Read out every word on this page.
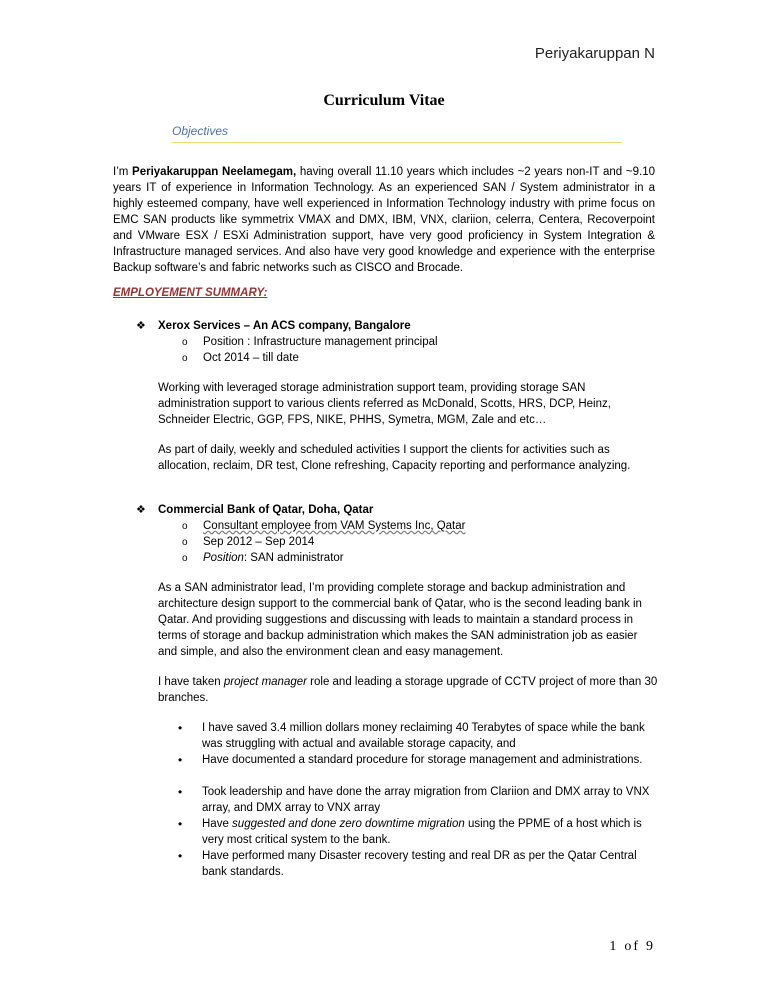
Periyakaruppan N
Curriculum Vitae
Objectives
I’m Periyakaruppan Neelamegam, having overall 11.10 years which includes ~2 years non-IT and ~9.10 years IT of experience in Information Technology. As an experienced SAN / System administrator in a highly esteemed company, have well experienced in Information Technology industry with prime focus on EMC SAN products like symmetrix VMAX and DMX, IBM, VNX, clariion, celerra, Centera, Recoverpoint and VMware ESX / ESXi Administration support, have very good proficiency in System Integration & Infrastructure managed services. And also have very good knowledge and experience with the enterprise Backup software’s and fabric networks such as CISCO and Brocade.
EMPLOYEMENT SUMMARY:
❖ Xerox Services – An ACS company, Bangalore
o Position : Infrastructure management principal
o Oct 2014 – till date
Working with leveraged storage administration support team, providing storage SAN administration support to various clients referred as McDonald, Scotts, HRS, DCP, Heinz, Schneider Electric, GGP, FPS, NIKE, PHHS, Symetra, MGM, Zale and etc…
As part of daily, weekly and scheduled activities I support the clients for activities such as allocation, reclaim, DR test, Clone refreshing, Capacity reporting and performance analyzing.
❖ Commercial Bank of Qatar, Doha, Qatar
o Consultant employee from VAM Systems Inc, Qatar
o Sep 2012 – Sep 2014
o Position: SAN administrator
As a SAN administrator lead, I’m providing complete storage and backup administration and architecture design support to the commercial bank of Qatar, who is the second leading bank in Qatar. And providing suggestions and discussing with leads to maintain a standard process in terms of storage and backup administration which makes the SAN administration job as easier and simple, and also the environment clean and easy management.
I have taken project manager role and leading a storage upgrade of CCTV project of more than 30 branches.
• I have saved 3.4 million dollars money reclaiming 40 Terabytes of space while the bank was struggling with actual and available storage capacity, and
• Have documented a standard procedure for storage management and administrations.
• Took leadership and have done the array migration from Clariion and DMX array to VNX array, and DMX array to VNX array
• Have suggested and done zero downtime migration using the PPME of a host which is very most critical system to the bank.
• Have performed many Disaster recovery testing and real DR as per the Qatar Central bank standards.
1 of 9
